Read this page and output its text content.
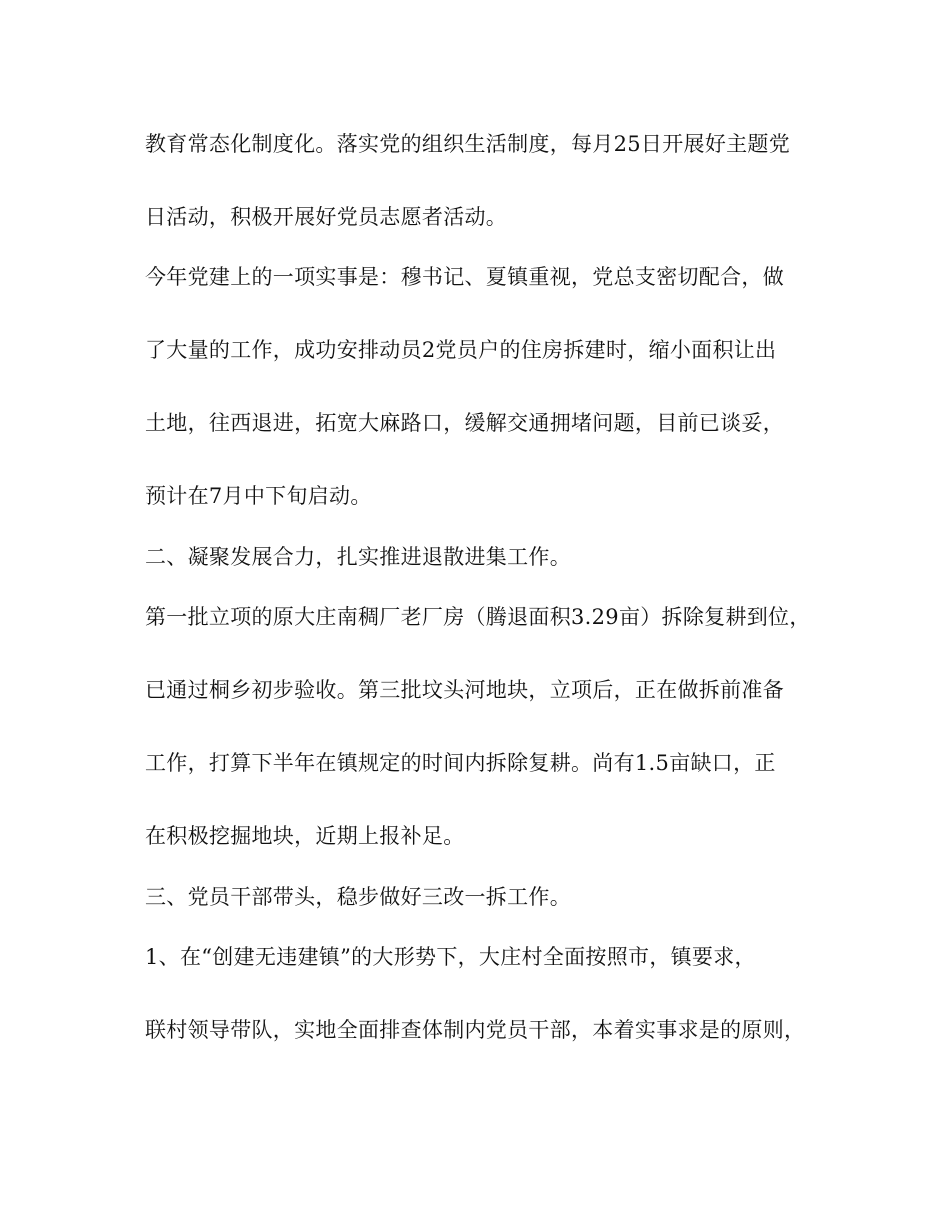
教育常态化制度化。落实党的组织生活制度，每月25日开展好主题党
日活动，积极开展好党员志愿者活动。
今年党建上的一项实事是：穆书记、夏镇重视，党总支密切配合，做
了大量的工作，成功安排动员2党员户的住房拆建时，缩小面积让出
土地，往西退进，拓宽大麻路口，缓解交通拥堵问题，目前已谈妥，
预计在7月中下旬启动。
二、凝聚发展合力，扎实推进退散进集工作。
第一批立项的原大庄南稠厂老厂房（腾退面积3.29亩）拆除复耕到位，
已通过桐乡初步验收。第三批坟头河地块，立项后，正在做拆前准备
工作，打算下半年在镇规定的时间内拆除复耕。尚有1.5亩缺口，正
在积极挖掘地块，近期上报补足。
三、党员干部带头，稳步做好三改一拆工作。
1、在“创建无违建镇”的大形势下，大庄村全面按照市，镇要求，
联村领导带队，实地全面排查体制内党员干部，本着实事求是的原则，
